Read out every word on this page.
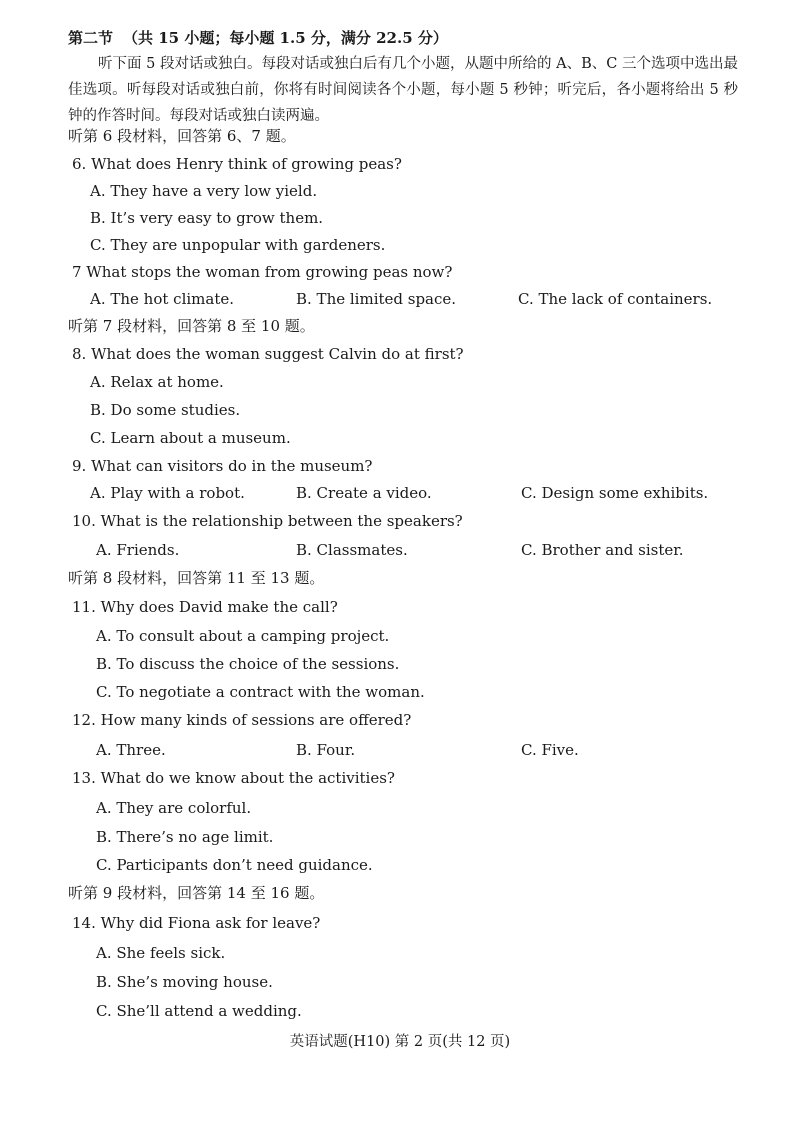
第二节 （共 15 小题；每小题 1.5 分，满分 22.5 分）
听下面 5 段对话或独白。每段对话或独白后有几个小题，从题中所给的 A、B、C 三个选项中选出最佳选项。听每段对话或独白前，你将有时间阅读各个小题，每小题 5 秒钟；听完后，各小题将给出 5 秒钟的作答时间。每段对话或独白读两遍。
听第 6 段材料，回答第 6、7 题。
6. What does Henry think of growing peas?
A. They have a very low yield.
B. It’s very easy to grow them.
C. They are unpopular with gardeners.
7 What stops the woman from growing peas now?
A. The hot climate.	B. The limited space.	C. The lack of containers.
听第 7 段材料，回答第 8 至 10 题。
8. What does the woman suggest Calvin do at first?
A. Relax at home.
B. Do some studies.
C. Learn about a museum.
9. What can visitors do in the museum?
A. Play with a robot.	B. Create a video.	C. Design some exhibits.
10. What is the relationship between the speakers?
A. Friends.	B. Classmates.	C. Brother and sister.
听第 8 段材料，回答第 11 至 13 题。
11. Why does David make the call?
A. To consult about a camping project.
B. To discuss the choice of the sessions.
C. To negotiate a contract with the woman.
12. How many kinds of sessions are offered?
A. Three.	B. Four.	C. Five.
13. What do we know about the activities?
A. They are colorful.
B. There’s no age limit.
C. Participants don’t need guidance.
听第 9 段材料，回答第 14 至 16 题。
14. Why did Fiona ask for leave?
A. She feels sick.
B. She’s moving house.
C. She’ll attend a wedding.
英语试题(H10) 第 2 页(共 12 页)
